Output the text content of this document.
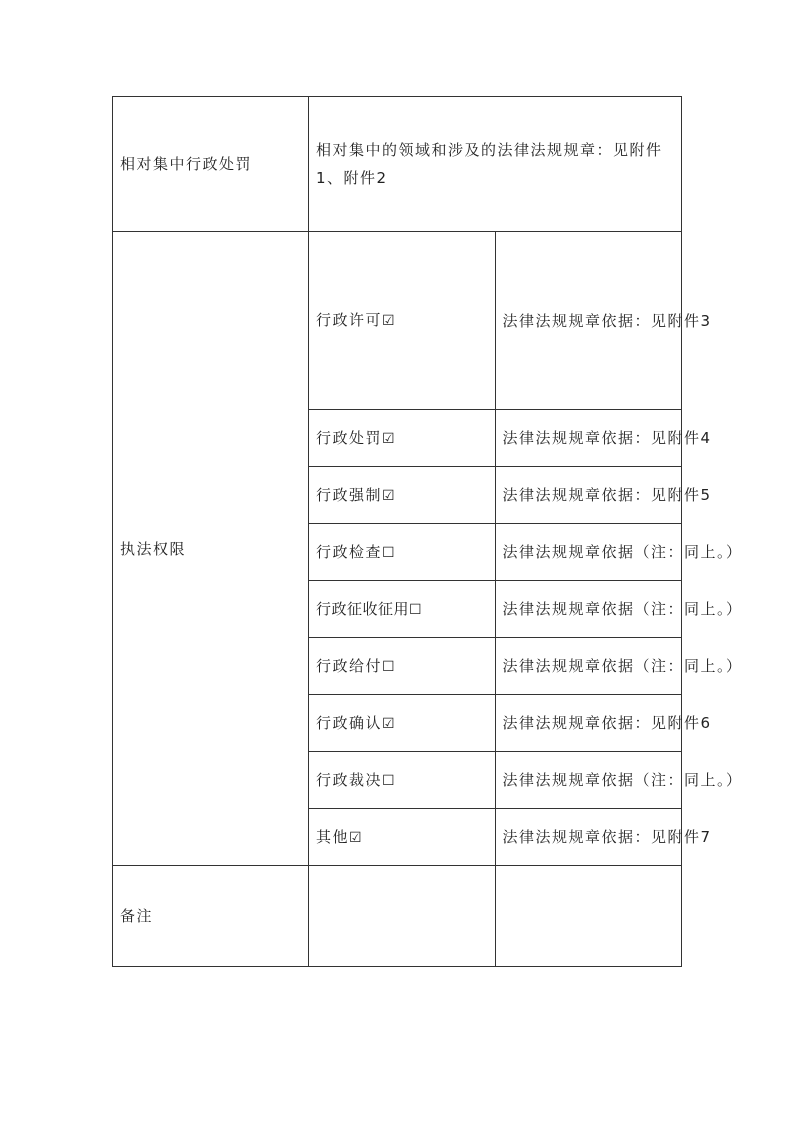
相对集中行政处罚	相对集中的领域和涉及的法律法规规章：见附件1、附件2	
执法权限	行政许可☑	法律法规规章依据：见附件3
	行政处罚☑	法律法规规章依据：见附件4
	行政强制☑	法律法规规章依据：见附件5
	行政检查☐	法律法规规章依据（注：同上。）
	行政征收征用☐	法律法规规章依据（注：同上。）
	行政给付☐	法律法规规章依据（注：同上。）
	行政确认☑	法律法规规章依据：见附件6
	行政裁决☐	法律法规规章依据（注：同上。）
	其他☑	法律法规规章依据：见附件7
备注		
